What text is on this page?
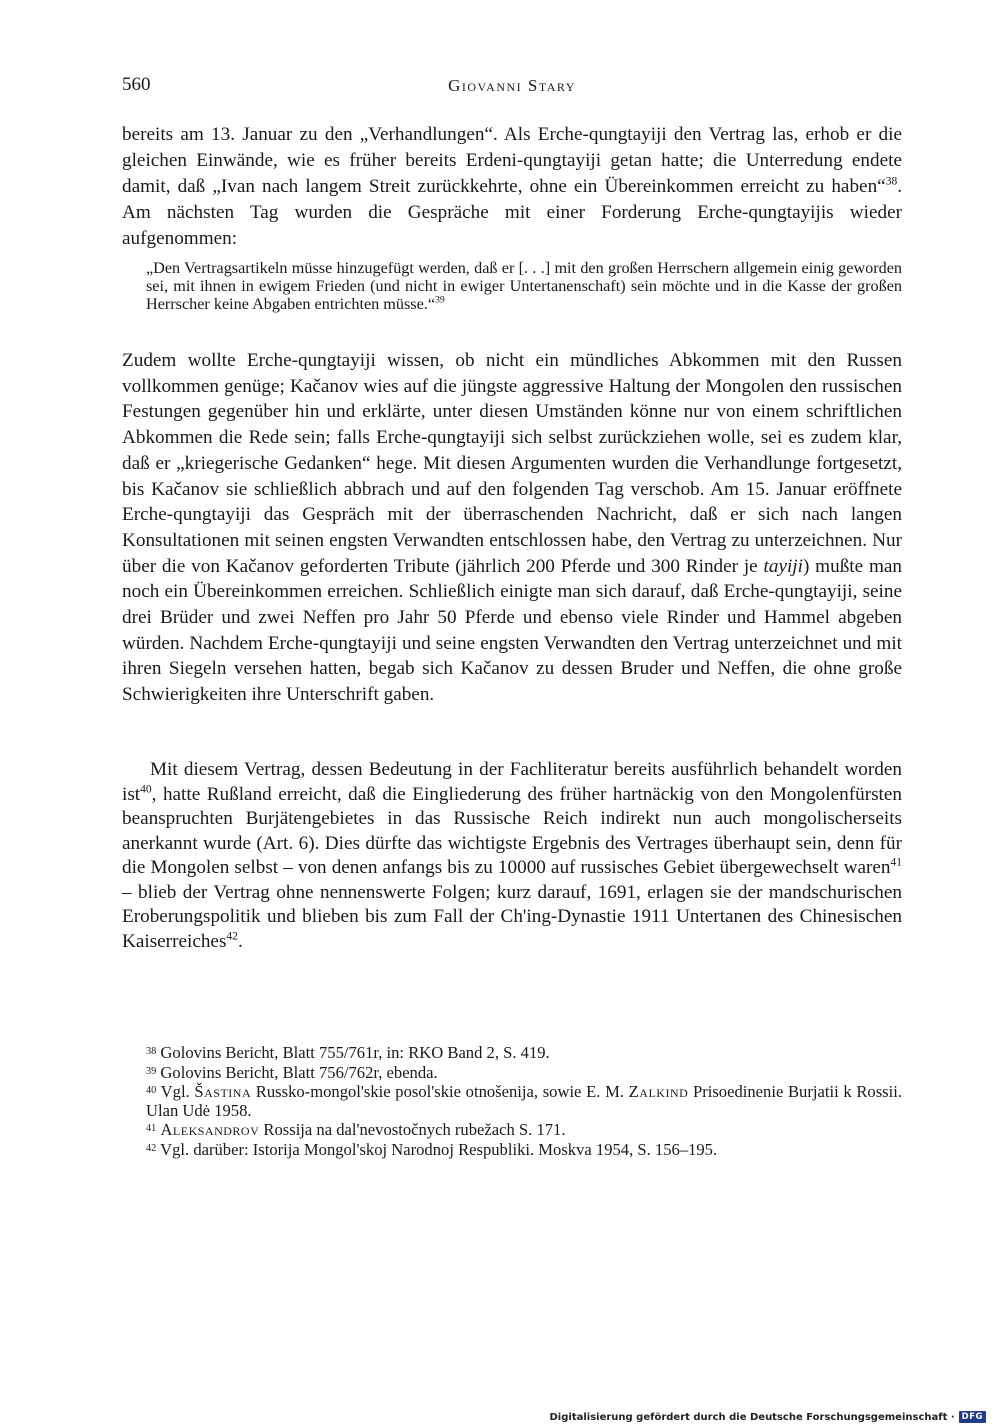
560	Giovanni Stary

bereits am 13. Januar zu den „Verhandlungen“. Als Erche-qungtayiji den Vertrag las, erhob er die gleichen Einwände, wie es früher bereits Erdeni-qungtayiji getan hatte; die Unterredung endete damit, daß „Ivan nach langem Streit zurückkehrte, ohne ein Übereinkommen erreicht zu haben“$^{38}$. Am nächsten Tag wurden die Gespräche mit einer Forderung Erche-qungtayijis wieder aufgenommen:

„Den Vertragsartikeln müsse hinzugefügt werden, daß er [. . .] mit den großen Herrschern allgemein einig geworden sei, mit ihnen in ewigem Frieden (und nicht in ewiger Untertanenschaft) sein möchte und in die Kasse der großen Herrscher keine Abgaben entrichten müsse.“$^{39}$

Zudem wollte Erche-qungtayiji wissen, ob nicht ein mündliches Abkommen mit den Russen vollkommen genüge; Kačanov wies auf die jüngste aggressive Haltung der Mongolen den russischen Festungen gegenüber hin und erklärte, unter diesen Umständen könne nur von einem schriftlichen Abkommen die Rede sein; falls Erche-qungtayiji sich selbst zurückziehen wolle, sei es zudem klar, daß er „kriegerische Gedanken“ hege. Mit diesen Argumenten wurden die Verhandlunge fortgesetzt, bis Kačanov sie schließlich abbrach und auf den folgenden Tag verschob. Am 15. Januar eröffnete Erche-qungtayiji das Gespräch mit der überraschenden Nachricht, daß er sich nach langen Konsultationen mit seinen engsten Verwandten entschlossen habe, den Vertrag zu unterzeichnen. Nur über die von Kačanov geforderten Tribute (jährlich 200 Pferde und 300 Rinder je tayiji) mußte man noch ein Übereinkommen erreichen. Schließlich einigte man sich darauf, daß Erche-qungtayiji, seine drei Brüder und zwei Neffen pro Jahr 50 Pferde und ebenso viele Rinder und Hammel abgeben würden. Nachdem Erche-qungtayiji und seine engsten Verwandten den Vertrag unterzeichnet und mit ihren Siegeln versehen hatten, begab sich Kačanov zu dessen Bruder und Neffen, die ohne große Schwierigkeiten ihre Unterschrift gaben.

Mit diesem Vertrag, dessen Bedeutung in der Fachliteratur bereits ausführlich behandelt worden ist$^{40}$, hatte Rußland erreicht, daß die Eingliederung des früher hartnäckig von den Mongolenfürsten beanspruchten Burjätengebietes in das Russische Reich indirekt nun auch mongolischerseits anerkannt wurde (Art. 6). Dies dürfte das wichtigste Ergebnis des Vertrages überhaupt sein, denn für die Mongolen selbst – von denen anfangs bis zu 10000 auf russisches Gebiet übergewechselt waren$^{41}$ – blieb der Vertrag ohne nennenswerte Folgen; kurz darauf, 1691, erlagen sie der mandschurischen Eroberungspolitik und blieben bis zum Fall der Ch'ing-Dynastie 1911 Untertanen des Chinesischen Kaiserreiches$^{42}$.

$^{38}$ Golovins Bericht, Blatt 755/761r, in: RKO Band 2, S. 419.

$^{39}$ Golovins Bericht, Blatt 756/762r, ebenda.

$^{40}$ Vgl. Šastina Russko-mongol'skie posol'skie otnošenija, sowie E. M. Zalkind Prisoedinenie Burjatii k Rossii. Ulan Udė 1958.

$^{41}$ Aleksandrov Rossija na dal'nevostočnych rubežach S. 171.

$^{42}$ Vgl. darüber: Istorija Mongol'skoj Narodnoj Respubliki. Moskva 1954, S. 156–195.

Digitalisierung gefördert durch die Deutsche Forschungsgemeinschaft · DFG
